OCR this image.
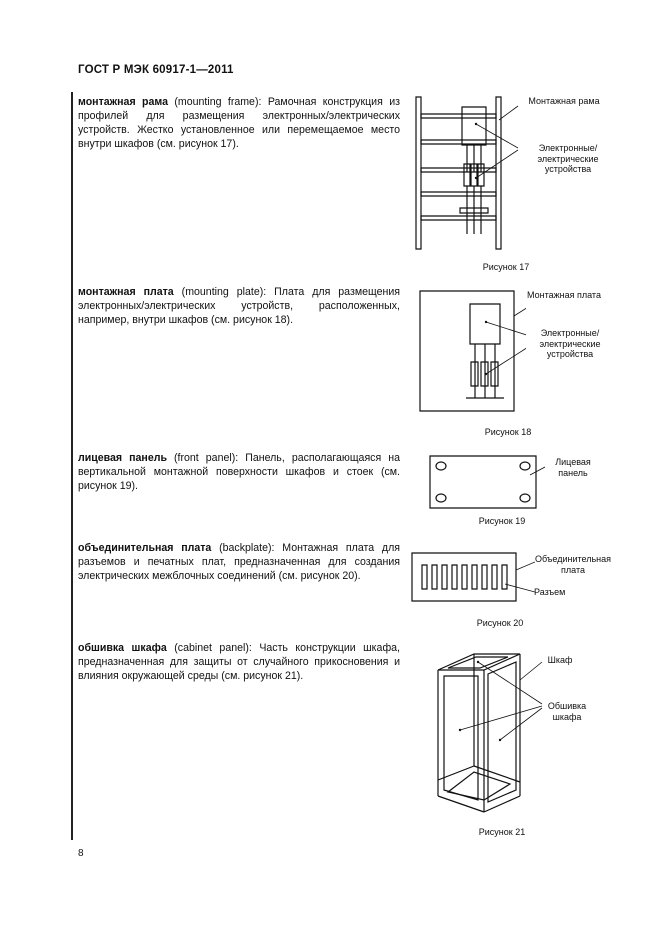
ГОСТ Р МЭК 60917-1—2011
монтажная рама (mounting frame): Рамочная конструкция из профилей для размещения электронных/электрических устройств. Жестко установленное или перемещаемое место внутри шкафов (см. рисунок 17).
Монтажная рама
Электронные/ электрические устройства
Рисунок 17
монтажная плата (mounting plate): Плата для размещения электронных/электрических устройств, расположенных, например, внутри шкафов (см. рисунок 18).
Монтажная плата
Электронные/ электрические устройства
Рисунок 18
лицевая панель (front panel): Панель, располагающаяся на вертикальной монтажной поверхности шкафов и стоек (см. рисунок 19).
Лицевая панель
Рисунок 19
объединительная плата (backplate): Монтажная плата для разъемов и печатных плат, предназначенная для создания электрических межблочных соединений (см. рисунок 20).
Объединительная плата
Разъем
Рисунок 20
обшивка шкафа (cabinet panel): Часть конструкции шкафа, предназначенная для защиты от случайного прикосновения и влияния окружающей среды (см. рисунок 21).
Шкаф
Обшивка шкафа
Рисунок 21
8
